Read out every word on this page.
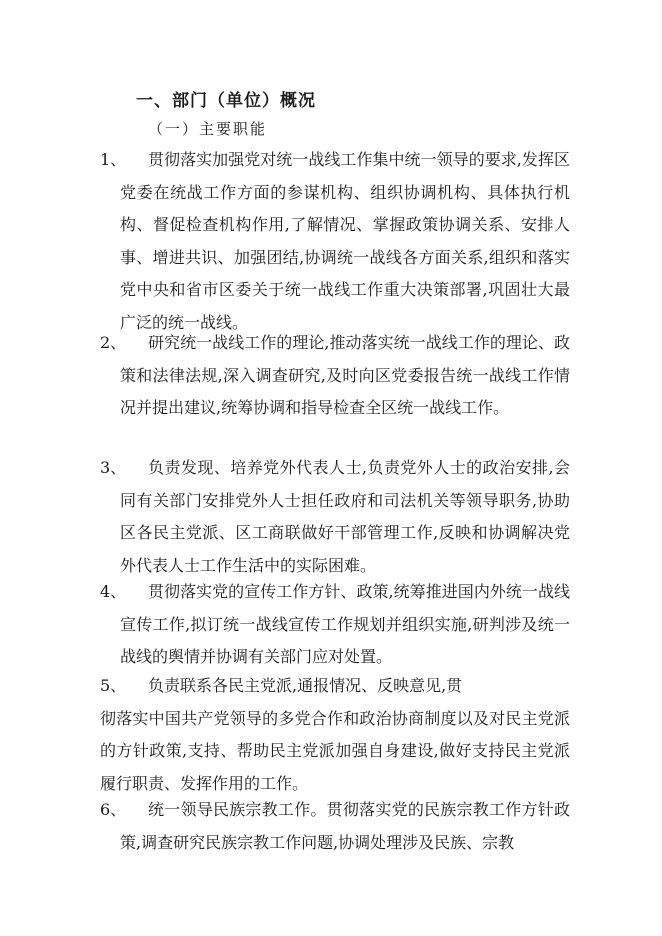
一、部门（单位）概况
（一）主要职能
1、	贯彻落实加强党对统一战线工作集中统一领导的要求,发挥区党委在统战工作方面的参谋机构、组织协调机构、具体执行机构、督促检查机构作用,了解情况、掌握政策协调关系、安排人事、增进共识、加强团结,协调统一战线各方面关系,组织和落实党中央和省市区委关于统一战线工作重大决策部署,巩固壮大最广泛的统一战线。
2、	研究统一战线工作的理论,推动落实统一战线工作的理论、政策和法律法规,深入调查研究,及时向区党委报告统一战线工作情况并提出建议,统筹协调和指导检查全区统一战线工作。
3、	负责发现、培养党外代表人士,负责党外人士的政治安排,会同有关部门安排党外人士担任政府和司法机关等领导职务,协助区各民主党派、区工商联做好干部管理工作,反映和协调解决党外代表人士工作生活中的实际困难。
4、	贯彻落实党的宣传工作方针、政策,统筹推进国内外统一战线宣传工作,拟订统一战线宣传工作规划并组织实施,研判涉及统一战线的舆情并协调有关部门应对处置。
5、	负责联系各民主党派,通报情况、反映意见,贯
彻落实中国共产党领导的多党合作和政治协商制度以及对民主党派的方针政策,支持、帮助民主党派加强自身建设,做好支持民主党派履行职责、发挥作用的工作。
6、	统一领导民族宗教工作。贯彻落实党的民族宗教工作方针政策,调查研究民族宗教工作问题,协调处理涉及民族、宗教
